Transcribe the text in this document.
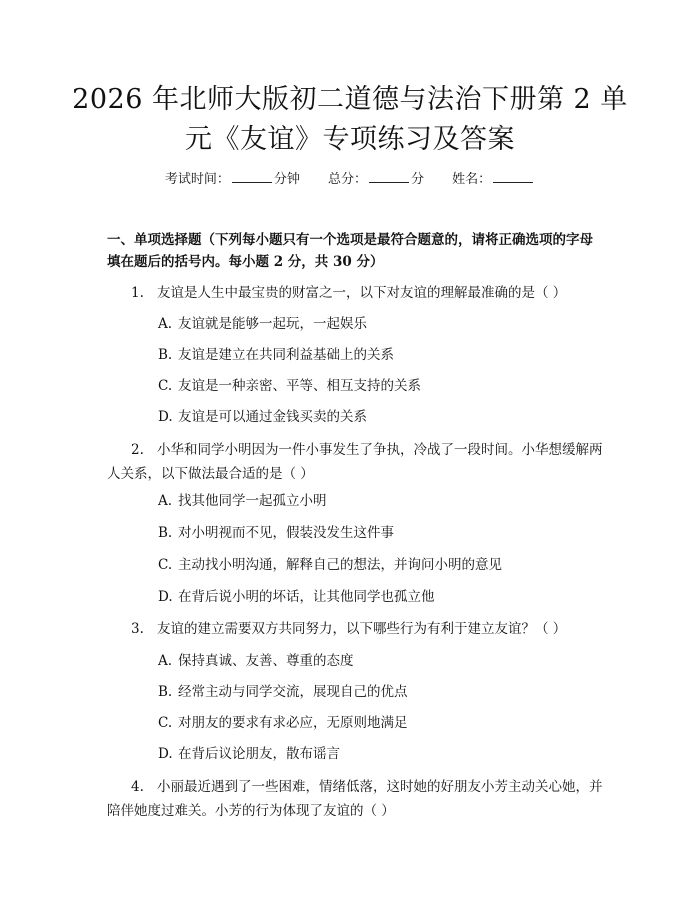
2026 年北师大版初二道德与法治下册第 2 单
元《友谊》专项练习及答案
考试时间：	分钟 总分：	分 姓名：
一、单项选择题（下列每小题只有一个选项是最符合题意的，请将正确选项的字母填在题后的括号内。每小题 2 分，共 30 分）
1. 友谊是人生中最宝贵的财富之一，以下对友谊的理解最准确的是（ ）
A. 友谊就是能够一起玩，一起娱乐
B. 友谊是建立在共同利益基础上的关系
C. 友谊是一种亲密、平等、相互支持的关系
D. 友谊是可以通过金钱买卖的关系
2. 小华和同学小明因为一件小事发生了争执，冷战了一段时间。小华想缓解两人关系，以下做法最合适的是（ ）
A. 找其他同学一起孤立小明
B. 对小明视而不见，假装没发生这件事
C. 主动找小明沟通，解释自己的想法，并询问小明的意见
D. 在背后说小明的坏话，让其他同学也孤立他
3. 友谊的建立需要双方共同努力，以下哪些行为有利于建立友谊？（ ）
A. 保持真诚、友善、尊重的态度
B. 经常主动与同学交流，展现自己的优点
C. 对朋友的要求有求必应，无原则地满足
D. 在背后议论朋友，散布谣言
4. 小丽最近遇到了一些困难，情绪低落，这时她的好朋友小芳主动关心她，并陪伴她度过难关。小芳的行为体现了友谊的（ ）
